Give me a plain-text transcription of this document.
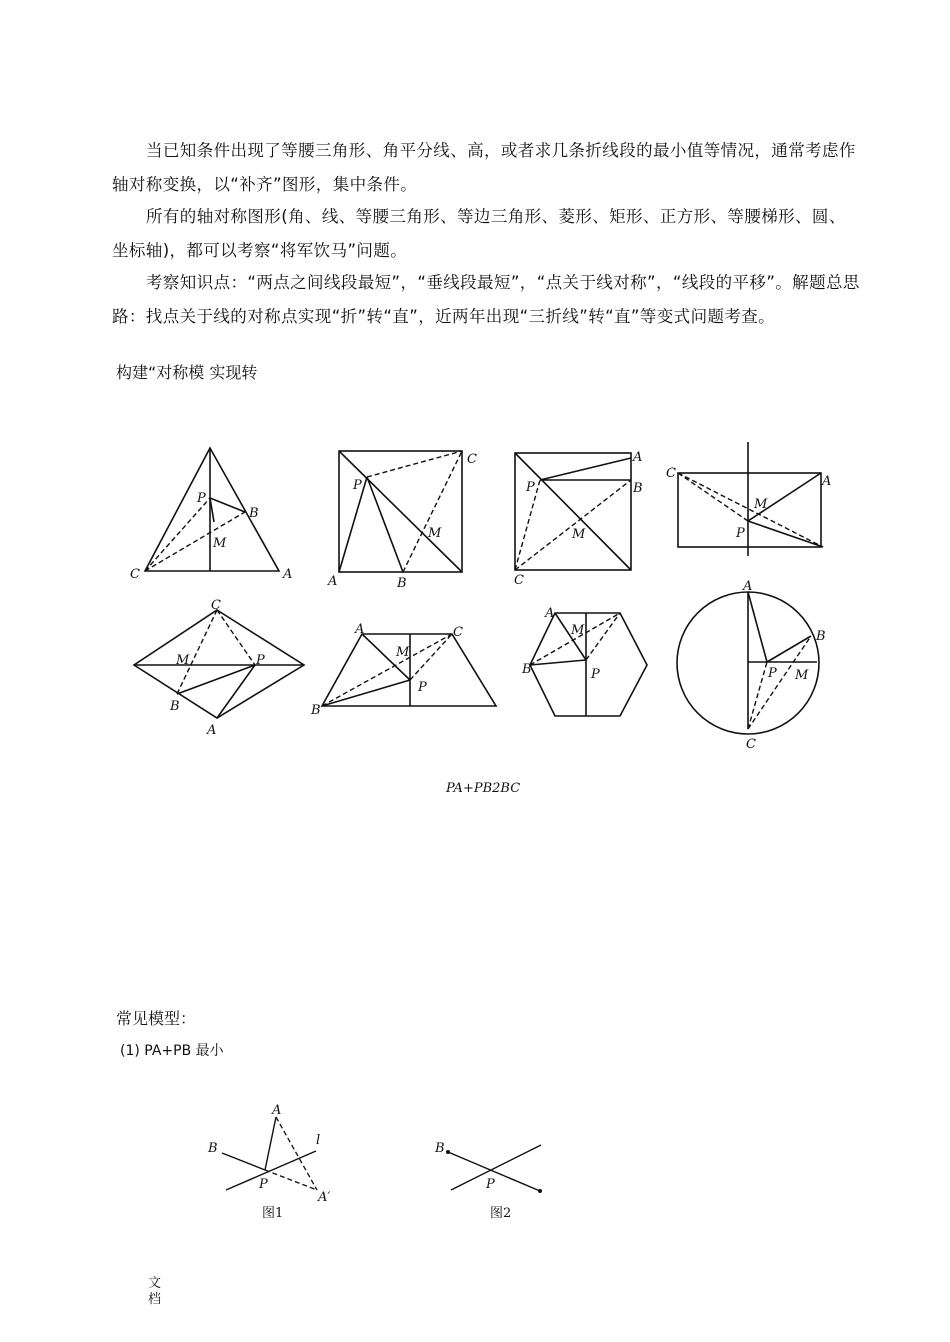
当已知条件出现了等腰三角形、角平分线、高，或者求几条折线段的最小值等情况，通常考虑作轴对称变换，以“补齐”图形，集中条件。

所有的轴对称图形(角、线、等腰三角形、等边三角形、菱形、矩形、正方形、等腰梯形、圆、坐标轴)，都可以考察“将军饮马”问题。

考察知识点：“两点之间线段最短”，“垂线段最短”，“点关于线对称”，“线段的平移”。解题总思路：找点关于线的对称点实现“折”转“直”，近两年出现“三折线”转“直”等变式问题考查。

构建“对称模 实现转

P
B
M
C	A
P
M
A	B
C
P
M
C
A
B
C
M
P
A
C
M	P
B
A
A	C
M
P
B
A
M
P
B
A
B
P M
C
PA+PB2BC

常见模型：

(1) PA+PB 最小

A
l
B
P
A′
图1
B
P
图2
文档
